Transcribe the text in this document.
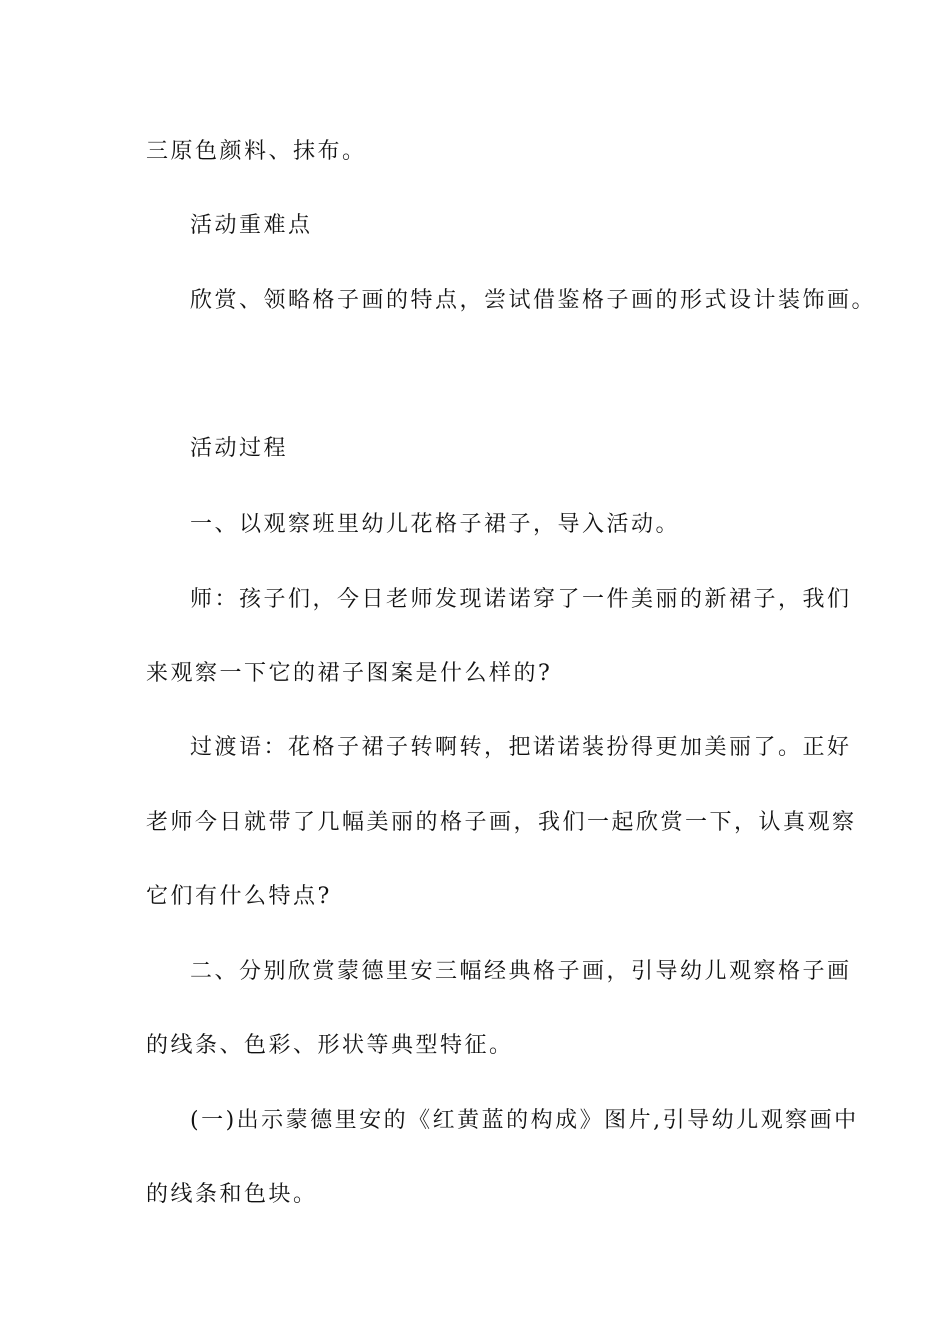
三原色颜料、抹布。

活动重难点

欣赏、领略格子画的特点，尝试借鉴格子画的形式设计装饰画。

活动过程

一、以观察班里幼儿花格子裙子，导入活动。

师：孩子们，今日老师发现诺诺穿了一件美丽的新裙子，我们

来观察一下它的裙子图案是什么样的?

过渡语：花格子裙子转啊转，把诺诺装扮得更加美丽了。正好

老师今日就带了几幅美丽的格子画，我们一起欣赏一下，认真观察

它们有什么特点?

二、分别欣赏蒙德里安三幅经典格子画，引导幼儿观察格子画

的线条、色彩、形状等典型特征。

(一)出示蒙德里安的《红黄蓝的构成》图片,引导幼儿观察画中

的线条和色块。
